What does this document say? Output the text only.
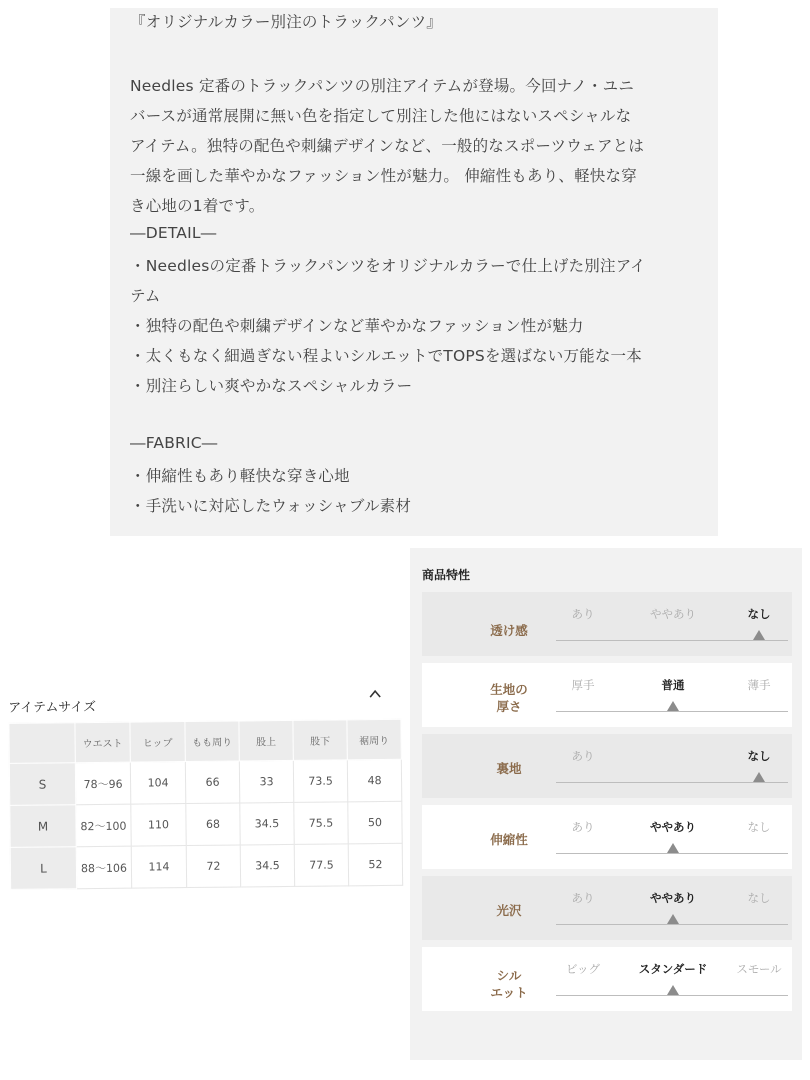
『オリジナルカラー別注のトラックパンツ』

Needles 定番のトラックパンツの別注アイテムが登場。今回ナノ・ユニ

バースが通常展開に無い色を指定して別注した他にはないスペシャルな

アイテム。独特の配色や刺繍デザインなど、一般的なスポーツウェアとは

一線を画した華やかなファッション性が魅力。 伸縮性もあり、軽快な穿

き心地の1着です。

―DETAIL―

・Needlesの定番トラックパンツをオリジナルカラーで仕上げた別注アイ

テム

・独特の配色や刺繍デザインなど華やかなファッション性が魅力

・太くもなく細過ぎない程よいシルエットでTOPSを選ばない万能な一本

・別注らしい爽やかなスペシャルカラー

―FABRIC―

・伸縮性もあり軽快な穿き心地

・手洗いに対応したウォッシャブル素材

アイテムサイズ
	ウエスト	ヒップ	もも周り	股上	股下	裾周り
S	78〜96	104	66	33	73.5	48
M	82〜100	110	68	34.5	75.5	50
L	88〜106	114	72	34.5	77.5	52
商品特性
透け感
あり	ややあり	なし
生地の
厚さ
厚手	普通	薄手
裏地
あり	なし
伸縮性
あり	ややあり	なし
光沢
あり	ややあり	なし
シル
エット
ビッグ	スタンダード	スモール
